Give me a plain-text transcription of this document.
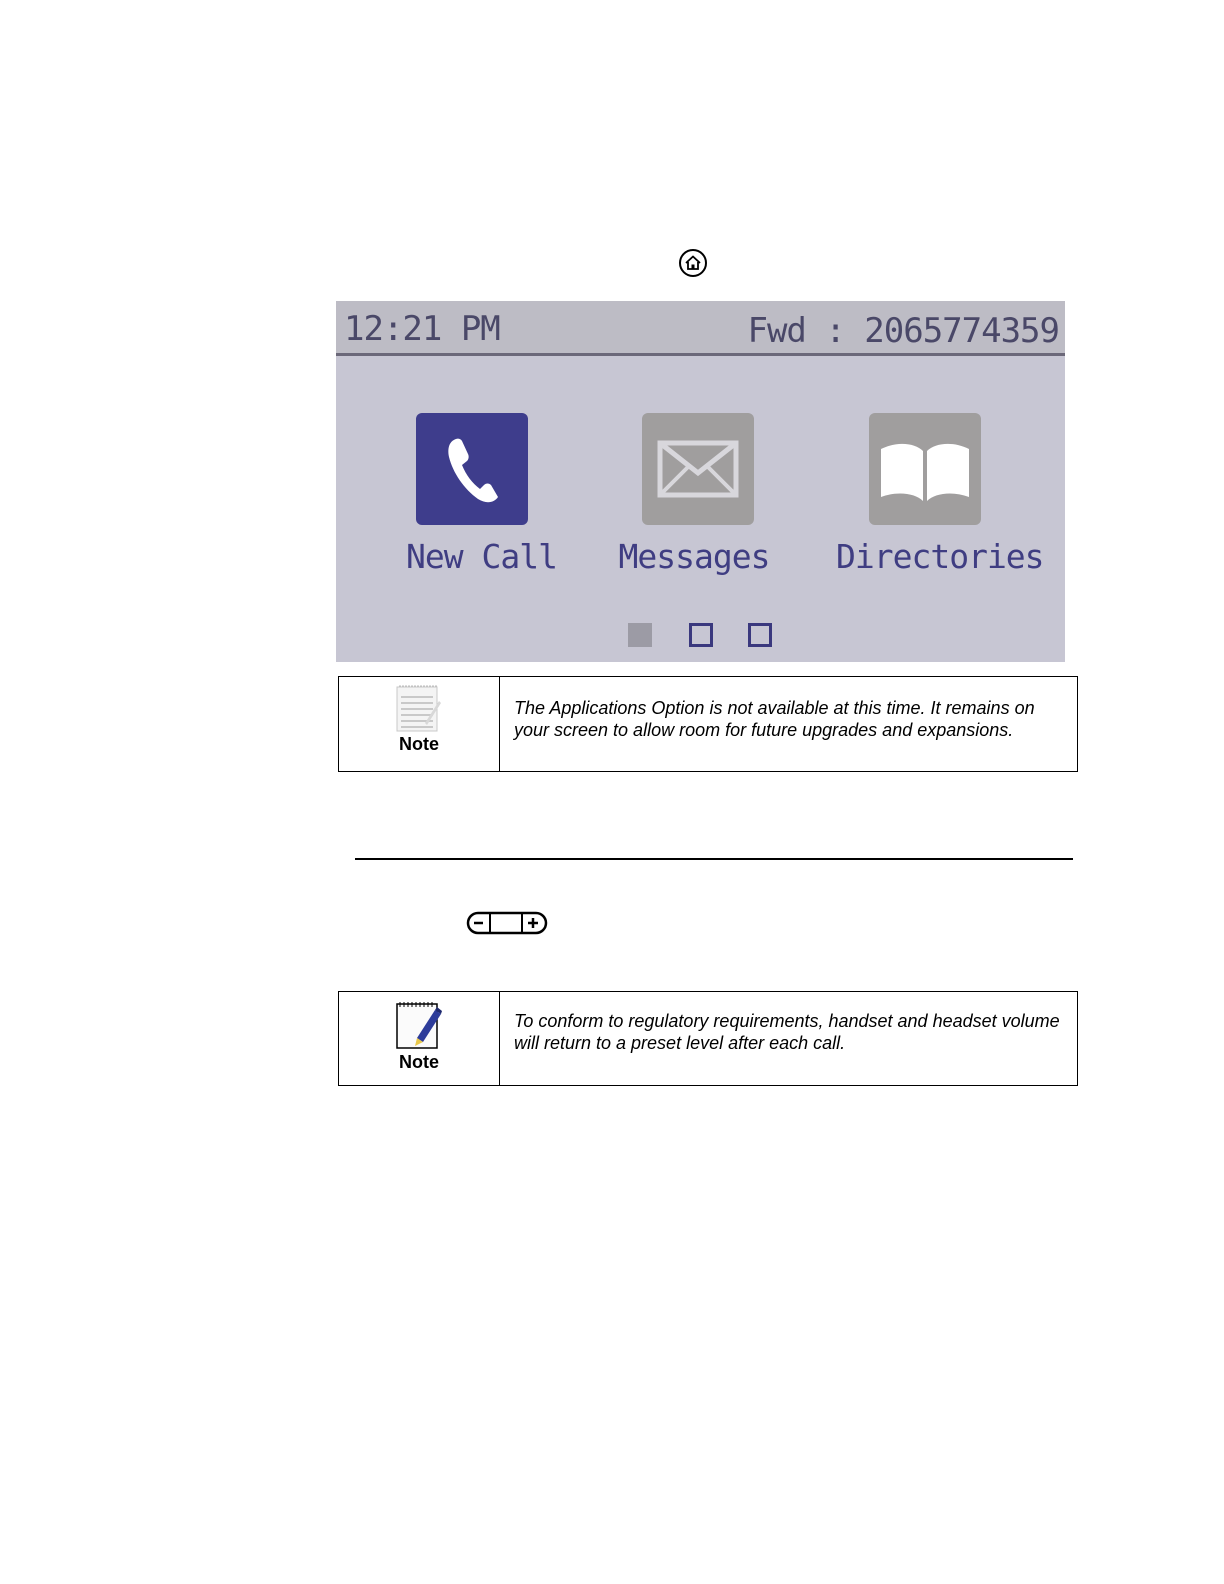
12:21 PM	Fwd : 2065774359
New Call Messages Directories
Note
The Applications Option is not available at this time. It remains on your screen to allow room for future upgrades and expansions.
Note
To conform to regulatory requirements, handset and headset volume will return to a preset level after each call.
